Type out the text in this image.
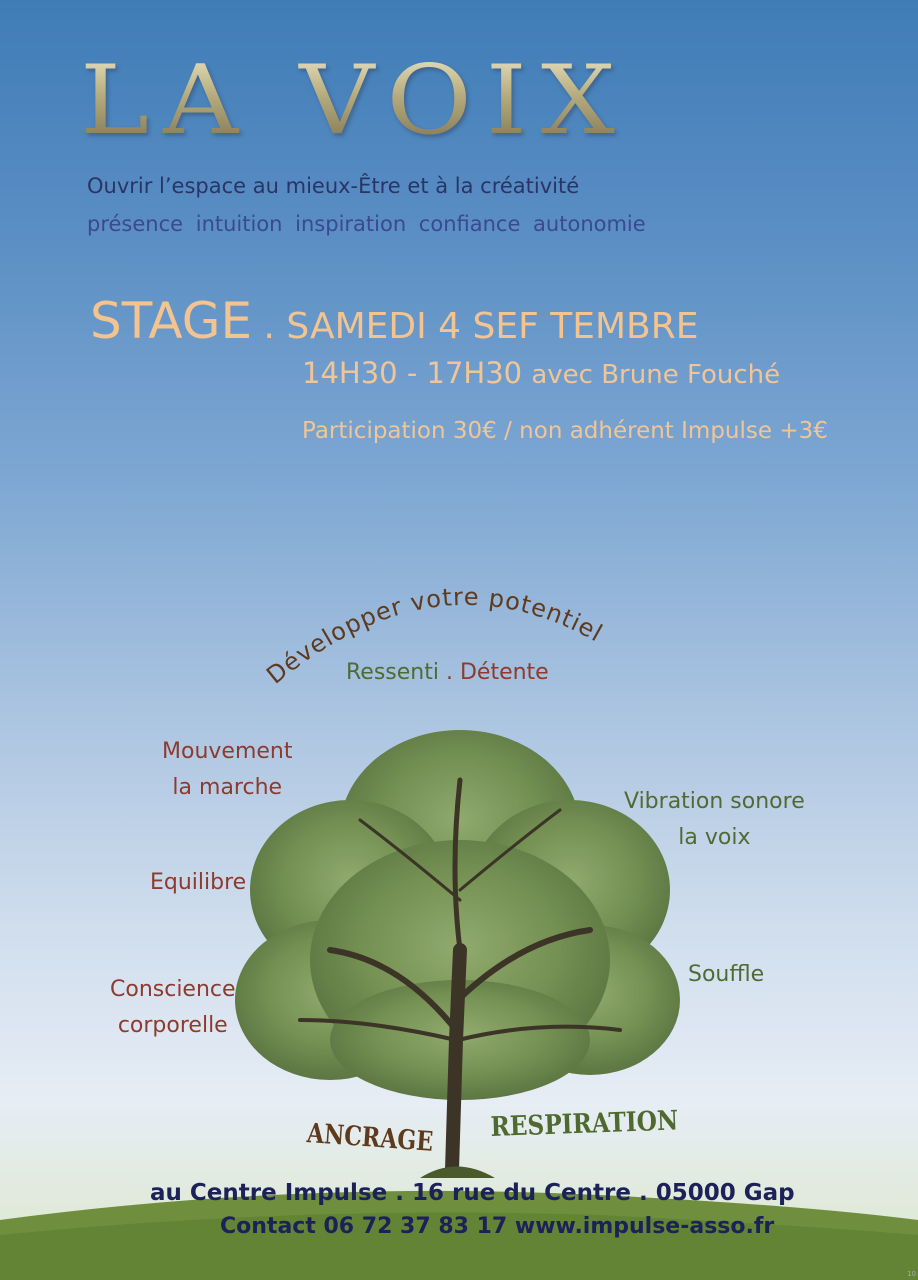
LA VOIX
Ouvrir l’espace au mieux-Être et à la créativité
présence intuition inspiration confiance autonomie
STAGE . SAMEDI 4 SEF TEMBRE
14H30 - 17H30 avec Brune Fouché
Participation 30€ / non adhérent Impulse +3€
Développer votre potentiel
Ressenti . Détente
Mouvement
la marche
Equilibre
Conscience
corporelle
Vibration sonore
la voix
Souffle
ANCRAGE RESPIRATION
au Centre Impulse . 16 rue du Centre . 05000 Gap
Contact 06 72 37 83 17 www.impulse-asso.fr
10
